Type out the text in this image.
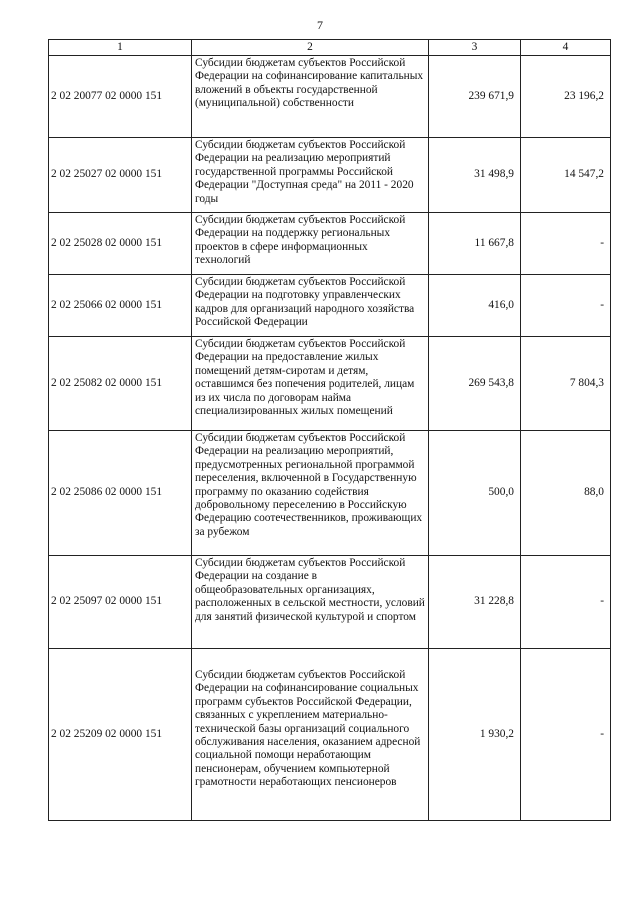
7
1	2	3	4
2 02 20077 02 0000 151	Субсидии бюджетам субъектов Российской Федерации на софинансирование капитальных вложений в объекты государственной (муниципальной) собственности	239 671,9	23 196,2
2 02 25027 02 0000 151	Субсидии бюджетам субъектов Российской Федерации на реализацию мероприятий государственной программы Российской Федерации "Доступная среда" на 2011 - 2020 годы	31 498,9	14 547,2
2 02 25028 02 0000 151	Субсидии бюджетам субъектов Российской Федерации на поддержку региональных проектов в сфере информационных технологий	11 667,8	-
2 02 25066 02 0000 151	Субсидии бюджетам субъектов Российской Федерации на подготовку управленческих кадров для организаций народного хозяйства Российской Федерации	416,0	-
2 02 25082 02 0000 151	Субсидии бюджетам субъектов Российской Федерации на предоставление жилых помещений детям-сиротам и детям, оставшимся без попечения родителей, лицам из их числа по договорам найма специализированных жилых помещений	269 543,8	7 804,3
2 02 25086 02 0000 151	Субсидии бюджетам субъектов Российской Федерации на реализацию мероприятий, предусмотренных региональной программой переселения, включенной в Государственную программу по оказанию содействия добровольному переселению в Российскую Федерацию соотечественников, проживающих за рубежом	500,0	88,0
2 02 25097 02 0000 151	Субсидии бюджетам субъектов Российской Федерации на создание в общеобразовательных организациях, расположенных в сельской местности, условий для занятий физической культурой и спортом	31 228,8	-
2 02 25209 02 0000 151	Субсидии бюджетам субъектов Российской Федерации на софинансирование социальных программ субъектов Российской Федерации, связанных с укреплением материально-технической базы организаций социального обслуживания населения, оказанием адресной социальной помощи неработающим пенсионерам, обучением компьютерной грамотности неработающих пенсионеров	1 930,2	-
